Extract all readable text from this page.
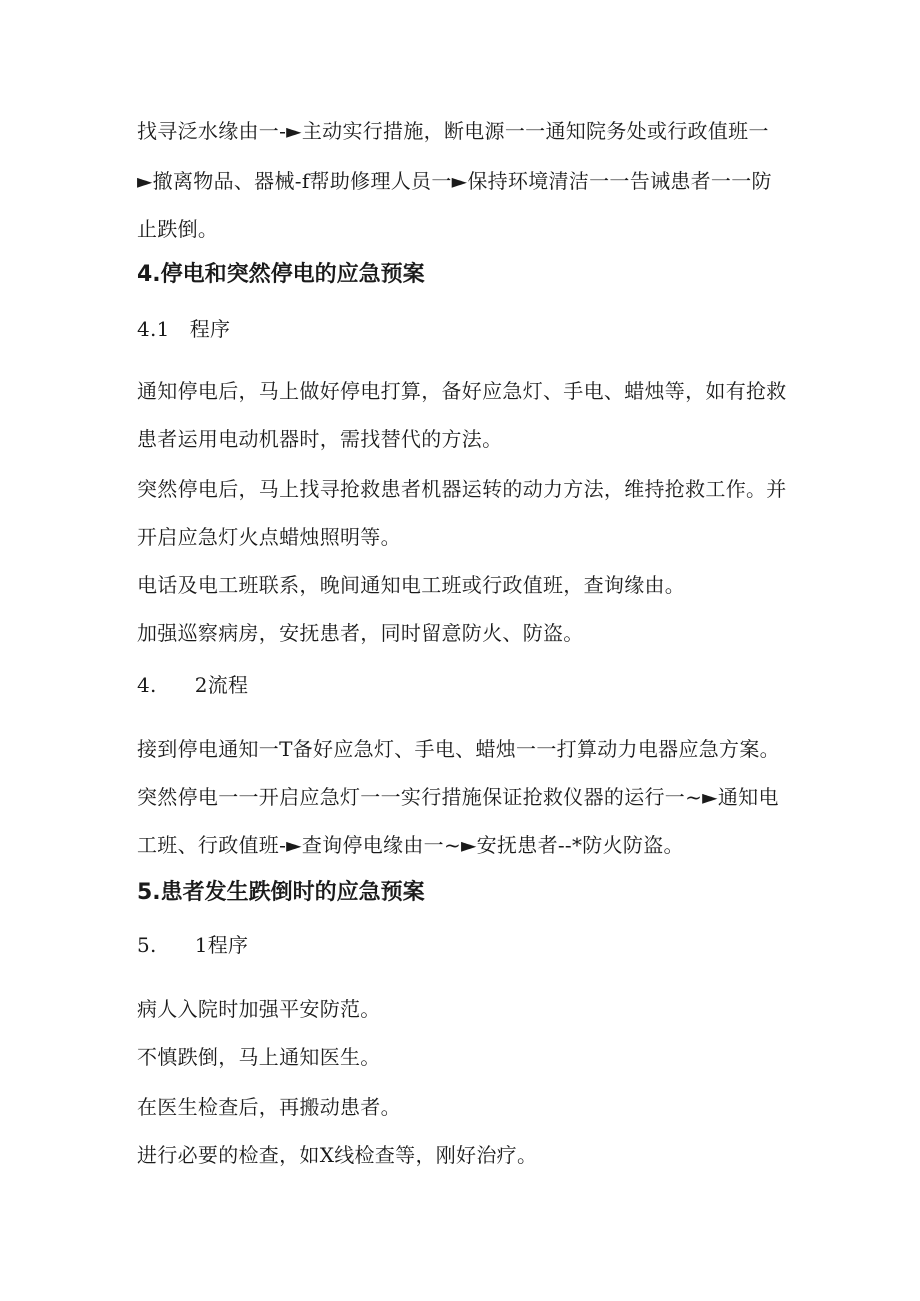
找寻泛水缘由一-►主动实行措施，断电源一一通知院务处或行政值班一
►撤离物品、器械-f帮助修理人员一►保持环境清洁一一告诫患者一一防
止跌倒。
4.停电和突然停电的应急预案
4.1 程序
通知停电后，马上做好停电打算，备好应急灯、手电、蜡烛等，如有抢救
患者运用电动机器时，需找替代的方法。
突然停电后，马上找寻抢救患者机器运转的动力方法，维持抢救工作。并
开启应急灯火点蜡烛照明等。
电话及电工班联系，晚间通知电工班或行政值班，查询缘由。
加强巡察病房，安抚患者，同时留意防火、防盗。
4. 2流程
接到停电通知一T备好应急灯、手电、蜡烛一一打算动力电器应急方案。
突然停电一一开启应急灯一一实行措施保证抢救仪器的运行一~►通知电
工班、行政值班-►查询停电缘由一~►安抚患者--*防火防盗。
5.患者发生跌倒时的应急预案
5. 1程序
病人入院时加强平安防范。
不慎跌倒，马上通知医生。
在医生检查后，再搬动患者。
进行必要的检查，如X线检查等，刚好治疗。
